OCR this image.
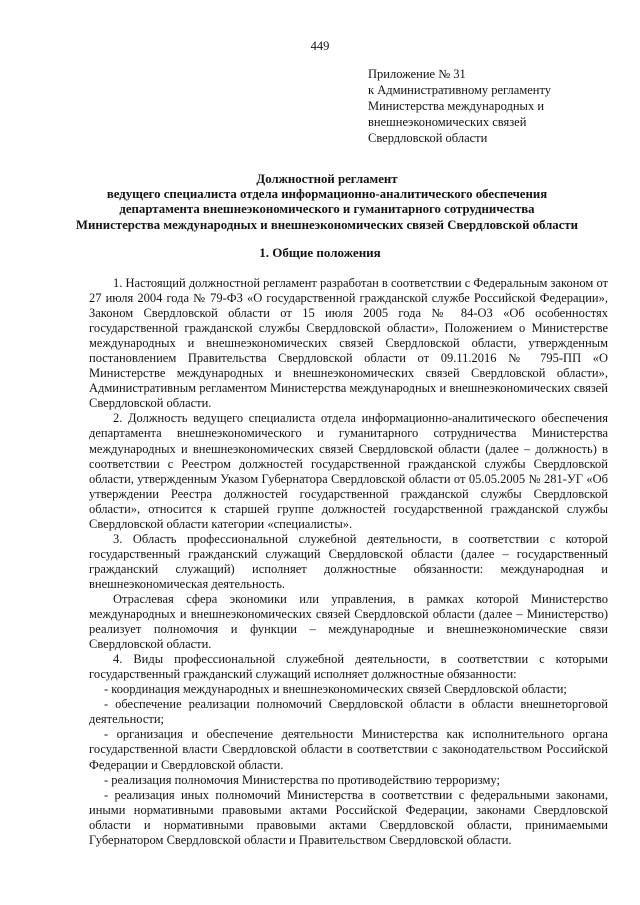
449
Приложение № 31
к Административному регламенту
Министерства международных и
внешнеэкономических связей
Свердловской области
Должностной регламент
ведущего специалиста отдела информационно-аналитического обеспечения
департамента внешнеэкономического и гуманитарного сотрудничества
Министерства международных и внешнеэкономических связей Свердловской области
1. Общие положения

1. Настоящий должностной регламент разработан в соответствии с Федеральным законом от 27 июля 2004 года № 79-ФЗ «О государственной гражданской службе Российской Федерации», Законом Свердловской области от 15 июля 2005 года № 84-ОЗ «Об особенностях государственной гражданской службы Свердловской области», Положением о Министерстве международных и внешнеэкономических связей Свердловской области, утвержденным постановлением Правительства Свердловской области от 09.11.2016 № 795-ПП «О Министерстве международных и внешнеэкономических связей Свердловской области», Административным регламентом Министерства международных и внешнеэкономических связей Свердловской области.

2. Должность ведущего специалиста отдела информационно-аналитического обеспечения департамента внешнеэкономического и гуманитарного сотрудничества Министерства международных и внешнеэкономических связей Свердловской области (далее – должность) в соответствии с Реестром должностей государственной гражданской службы Свердловской области, утвержденным Указом Губернатора Свердловской области от 05.05.2005 № 281-УГ «Об утверждении Реестра должностей государственной гражданской службы Свердловской области», относится к старшей группе должностей государственной гражданской службы Свердловской области категории «специалисты».

3. Область профессиональной служебной деятельности, в соответствии с которой государственный гражданский служащий Свердловской области (далее – государственный гражданский служащий) исполняет должностные обязанности: международная и внешнеэкономическая деятельность.

Отраслевая сфера экономики или управления, в рамках которой Министерство международных и внешнеэкономических связей Свердловской области (далее – Министерство) реализует полномочия и функции – международные и внешнеэкономические связи Свердловской области.

4. Виды профессиональной служебной деятельности, в соответствии с которыми государственный гражданский служащий исполняет должностные обязанности:

- координация международных и внешнеэкономических связей Свердловской области;

- обеспечение реализации полномочий Свердловской области в области внешнеторговой деятельности;

- организация и обеспечение деятельности Министерства как исполнительного органа государственной власти Свердловской области в соответствии с законодательством Российской Федерации и Свердловской области.

- реализация полномочия Министерства по противодействию терроризму;

- реализация иных полномочий Министерства в соответствии с федеральными законами, иными нормативными правовыми актами Российской Федерации, законами Свердловской области и нормативными правовыми актами Свердловской области, принимаемыми Губернатором Свердловской области и Правительством Свердловской области.
